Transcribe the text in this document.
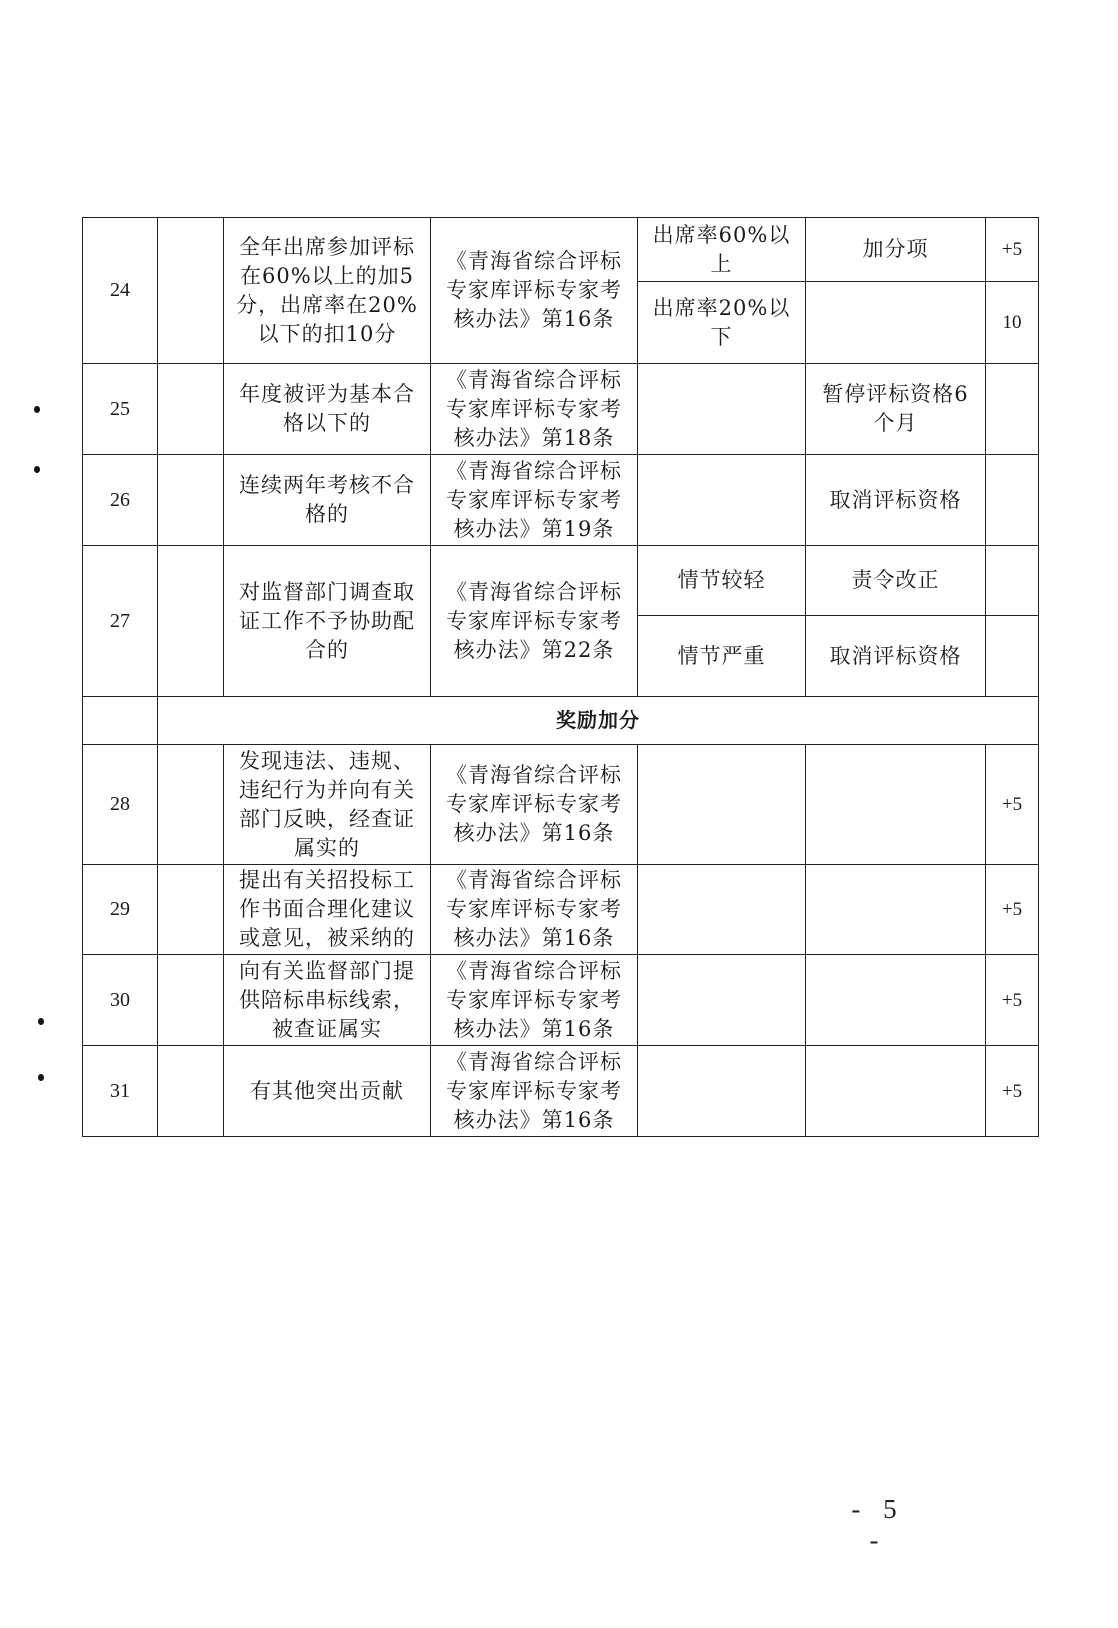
24		全年出席参加评标在60%以上的加5分，出席率在20%以下的扣10分	《青海省综合评标专家库评标专家考核办法》第16条	出席率60%以上	加分项	+5
				出席率20%以下		10
25		年度被评为基本合格以下的	《青海省综合评标专家库评标专家考核办法》第18条		暂停评标资格6个月	
26		连续两年考核不合格的	《青海省综合评标专家库评标专家考核办法》第19条		取消评标资格	
27		对监督部门调查取证工作不予协助配合的	《青海省综合评标专家库评标专家考核办法》第22条	情节较轻	责令改正	
				情节严重	取消评标资格	
	奖励加分					
28		发现违法、违规、违纪行为并向有关部门反映，经查证属实的	《青海省综合评标专家库评标专家考核办法》第16条			+5
29		提出有关招投标工作书面合理化建议或意见，被采纳的	《青海省综合评标专家库评标专家考核办法》第16条			+5
30		向有关监督部门提供陪标串标线索，被查证属实	《青海省综合评标专家库评标专家考核办法》第16条			+5
31		有其他突出贡献	《青海省综合评标专家库评标专家考核办法》第16条			+5
- 5 -
